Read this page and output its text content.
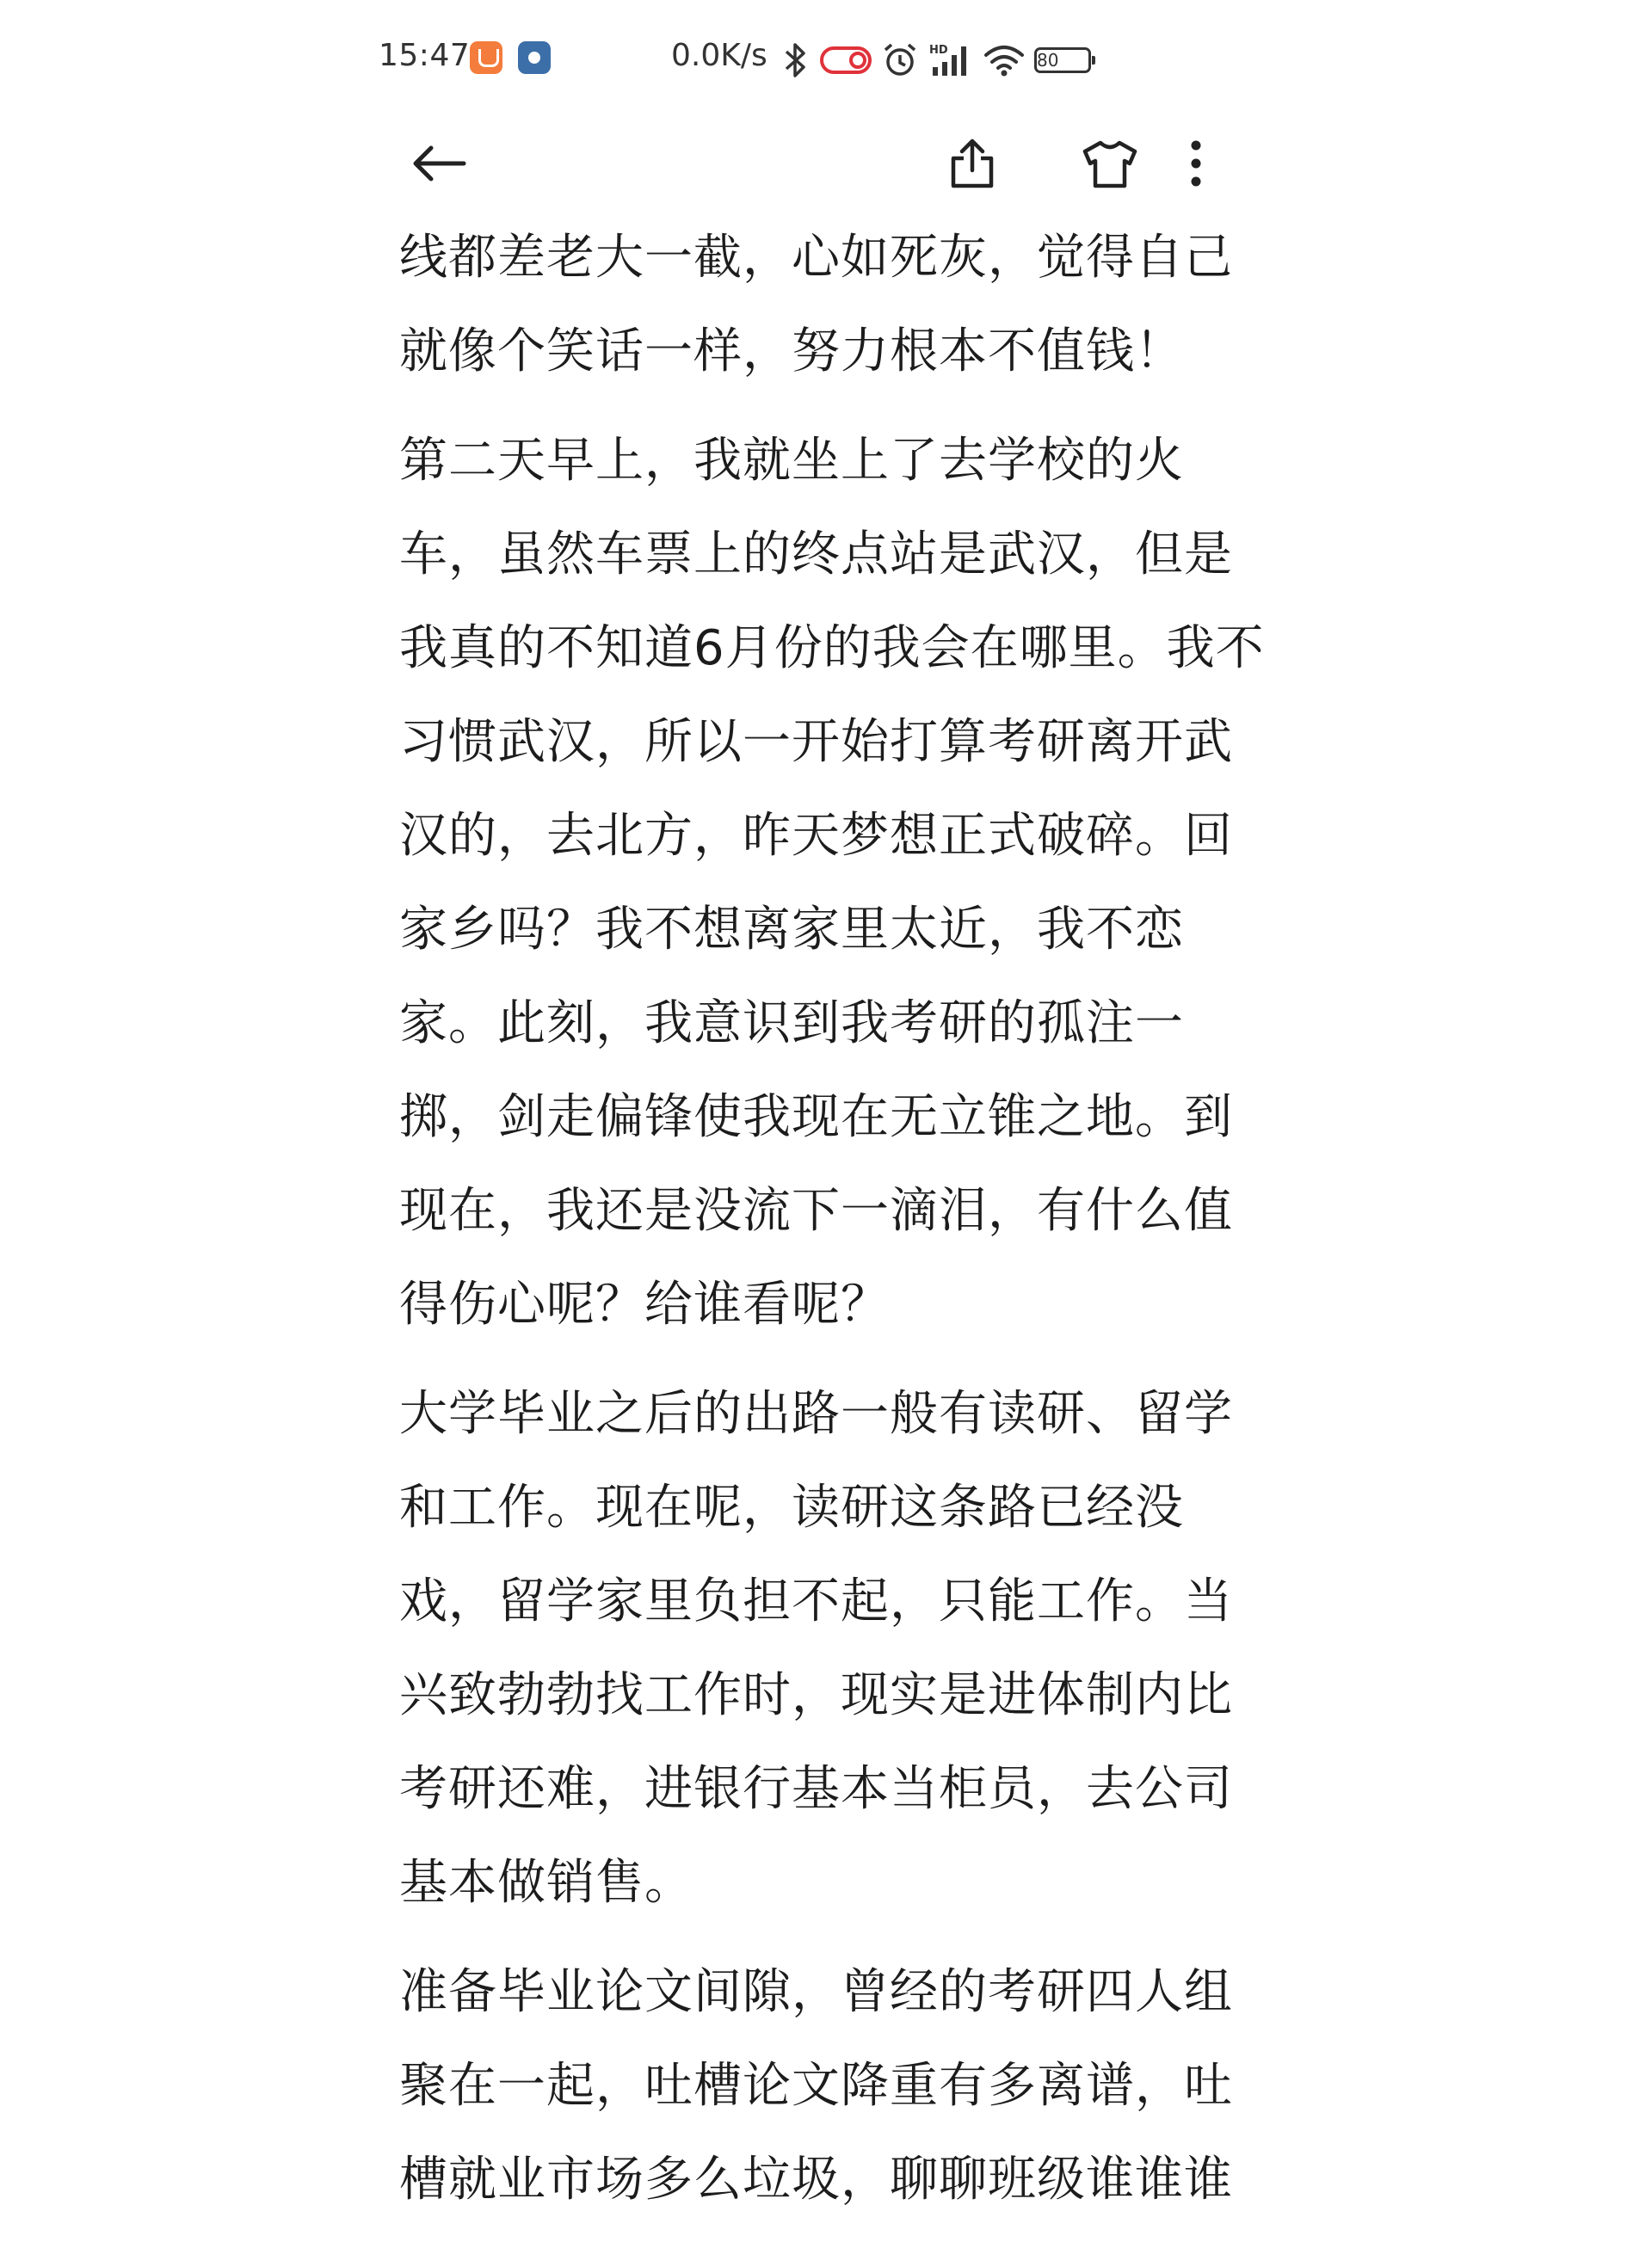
15:47	0.0K/s	HD	80

线都差老大一截，心如死灰，觉得自己就像个笑话一样，努力根本不值钱！

第二天早上，我就坐上了去学校的火车，虽然车票上的终点站是武汉，但是我真的不知道6月份的我会在哪里。我不习惯武汉，所以一开始打算考研离开武汉的，去北方，昨天梦想正式破碎。回家乡吗？我不想离家里太近，我不恋家。此刻，我意识到我考研的孤注一掷，剑走偏锋使我现在无立锥之地。到现在，我还是没流下一滴泪，有什么值得伤心呢？给谁看呢？

大学毕业之后的出路一般有读研、留学和工作。现在呢，读研这条路已经没戏，留学家里负担不起，只能工作。当兴致勃勃找工作时，现实是进体制内比考研还难，进银行基本当柜员，去公司基本做销售。

准备毕业论文间隙，曾经的考研四人组聚在一起，吐槽论文降重有多离谱，吐槽就业市场多么垃圾，聊聊班级谁谁谁
